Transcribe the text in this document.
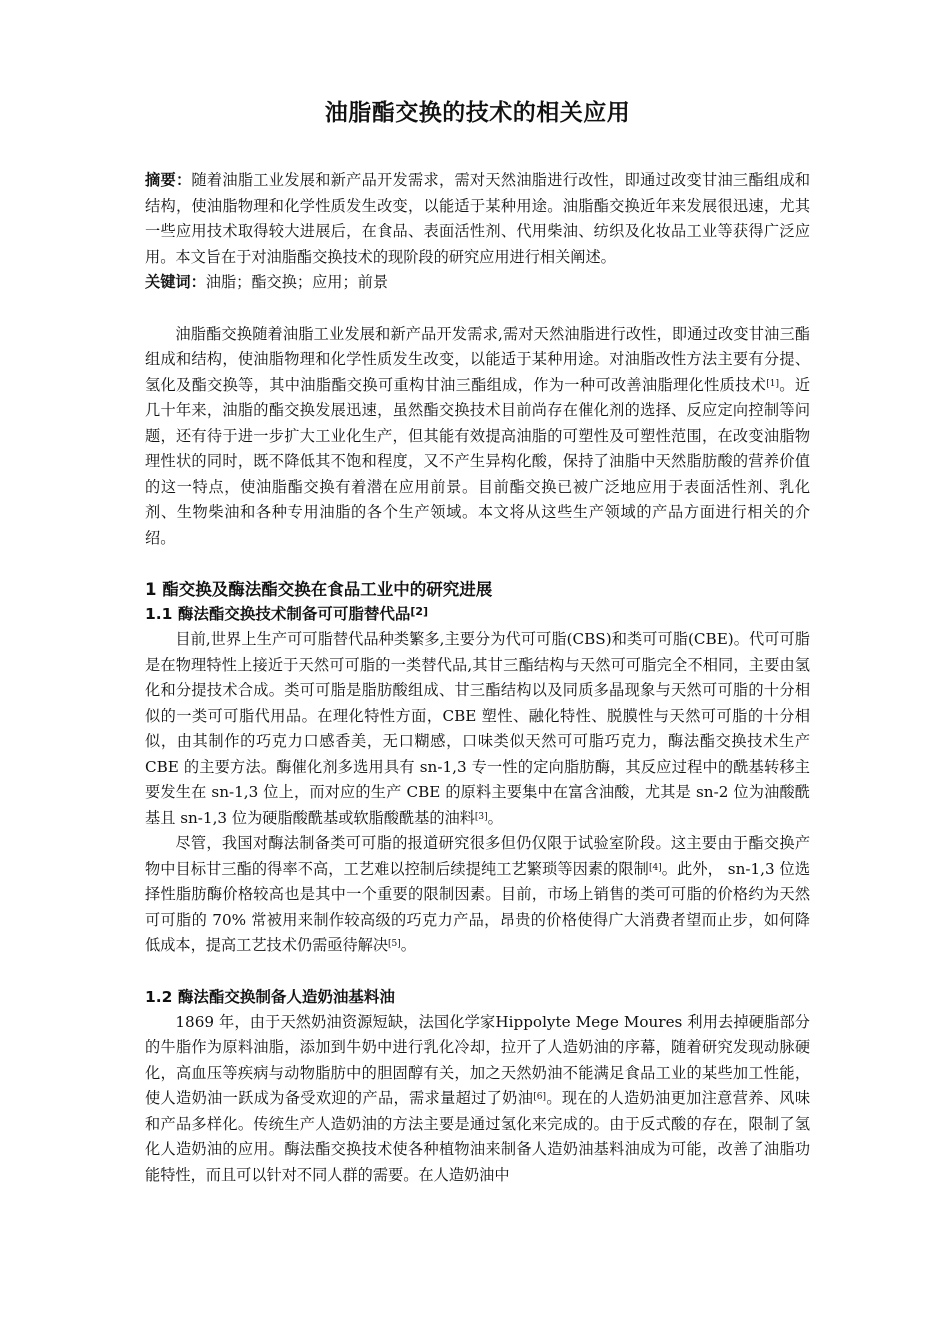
油脂酯交换的技术的相关应用

摘要：随着油脂工业发展和新产品开发需求，需对天然油脂进行改性，即通过改变甘油三酯组成和结构，使油脂物理和化学性质发生改变，以能适于某种用途。油脂酯交换近年来发展很迅速，尤其一些应用技术取得较大进展后，在食品、表面活性剂、代用柴油、纺织及化妆品工业等获得广泛应用。本文旨在于对油脂酯交换技术的现阶段的研究应用进行相关阐述。

关键词：油脂；酯交换；应用；前景

油脂酯交换随着油脂工业发展和新产品开发需求,需对天然油脂进行改性，即通过改变甘油三酯组成和结构，使油脂物理和化学性质发生改变，以能适于某种用途。对油脂改性方法主要有分提、氢化及酯交换等，其中油脂酯交换可重构甘油三酯组成，作为一种可改善油脂理化性质技术[1]。近几十年来，油脂的酯交换发展迅速，虽然酯交换技术目前尚存在催化剂的选择、反应定向控制等问题，还有待于进一步扩大工业化生产，但其能有效提高油脂的可塑性及可塑性范围，在改变油脂物理性状的同时，既不降低其不饱和程度，又不产生异构化酸，保持了油脂中天然脂肪酸的营养价值的这一特点，使油脂酯交换有着潜在应用前景。目前酯交换已被广泛地应用于表面活性剂、乳化剂、生物柴油和各种专用油脂的各个生产领域。本文将从这些生产领域的产品方面进行相关的介绍。

1 酯交换及酶法酯交换在食品工业中的研究进展
1.1 酶法酯交换技术制备可可脂替代品[2]

目前,世界上生产可可脂替代品种类繁多,主要分为代可可脂(CBS)和类可可脂(CBE)。代可可脂是在物理特性上接近于天然可可脂的一类替代品,其甘三酯结构与天然可可脂完全不相同，主要由氢化和分提技术合成。类可可脂是脂肪酸组成、甘三酯结构以及同质多晶现象与天然可可脂的十分相似的一类可可脂代用品。在理化特性方面，CBE 塑性、融化特性、脱膜性与天然可可脂的十分相似，由其制作的巧克力口感香美，无口糊感，口味类似天然可可脂巧克力，酶法酯交换技术生产 CBE 的主要方法。酶催化剂多选用具有 sn-1,3 专一性的定向脂肪酶，其反应过程中的酰基转移主要发生在 sn-1,3 位上，而对应的生产 CBE 的原料主要集中在富含油酸，尤其是 sn-2 位为油酸酰基且 sn-1,3 位为硬脂酸酰基或软脂酸酰基的油料[3]。

尽管，我国对酶法制备类可可脂的报道研究很多但仍仅限于试验室阶段。这主要由于酯交换产物中目标甘三酯的得率不高，工艺难以控制后续提纯工艺繁琐等因素的限制[4]。此外， sn-1,3 位选择性脂肪酶价格较高也是其中一个重要的限制因素。目前，市场上销售的类可可脂的价格约为天然可可脂的 70% 常被用来制作较高级的巧克力产品，昂贵的价格使得广大消费者望而止步，如何降低成本，提高工艺技术仍需亟待解决[5]。

1.2 酶法酯交换制备人造奶油基料油

1869 年，由于天然奶油资源短缺，法国化学家Hippolyte Mege Moures 利用去掉硬脂部分的牛脂作为原料油脂，添加到牛奶中进行乳化冷却，拉开了人造奶油的序幕，随着研究发现动脉硬化，高血压等疾病与动物脂肪中的胆固醇有关，加之天然奶油不能满足食品工业的某些加工性能，使人造奶油一跃成为备受欢迎的产品，需求量超过了奶油[6]。现在的人造奶油更加注意营养、风味和产品多样化。传统生产人造奶油的方法主要是通过氢化来完成的。由于反式酸的存在，限制了氢化人造奶油的应用。酶法酯交换技术使各种植物油来制备人造奶油基料油成为可能，改善了油脂功能特性，而且可以针对不同人群的需要。在人造奶油中
